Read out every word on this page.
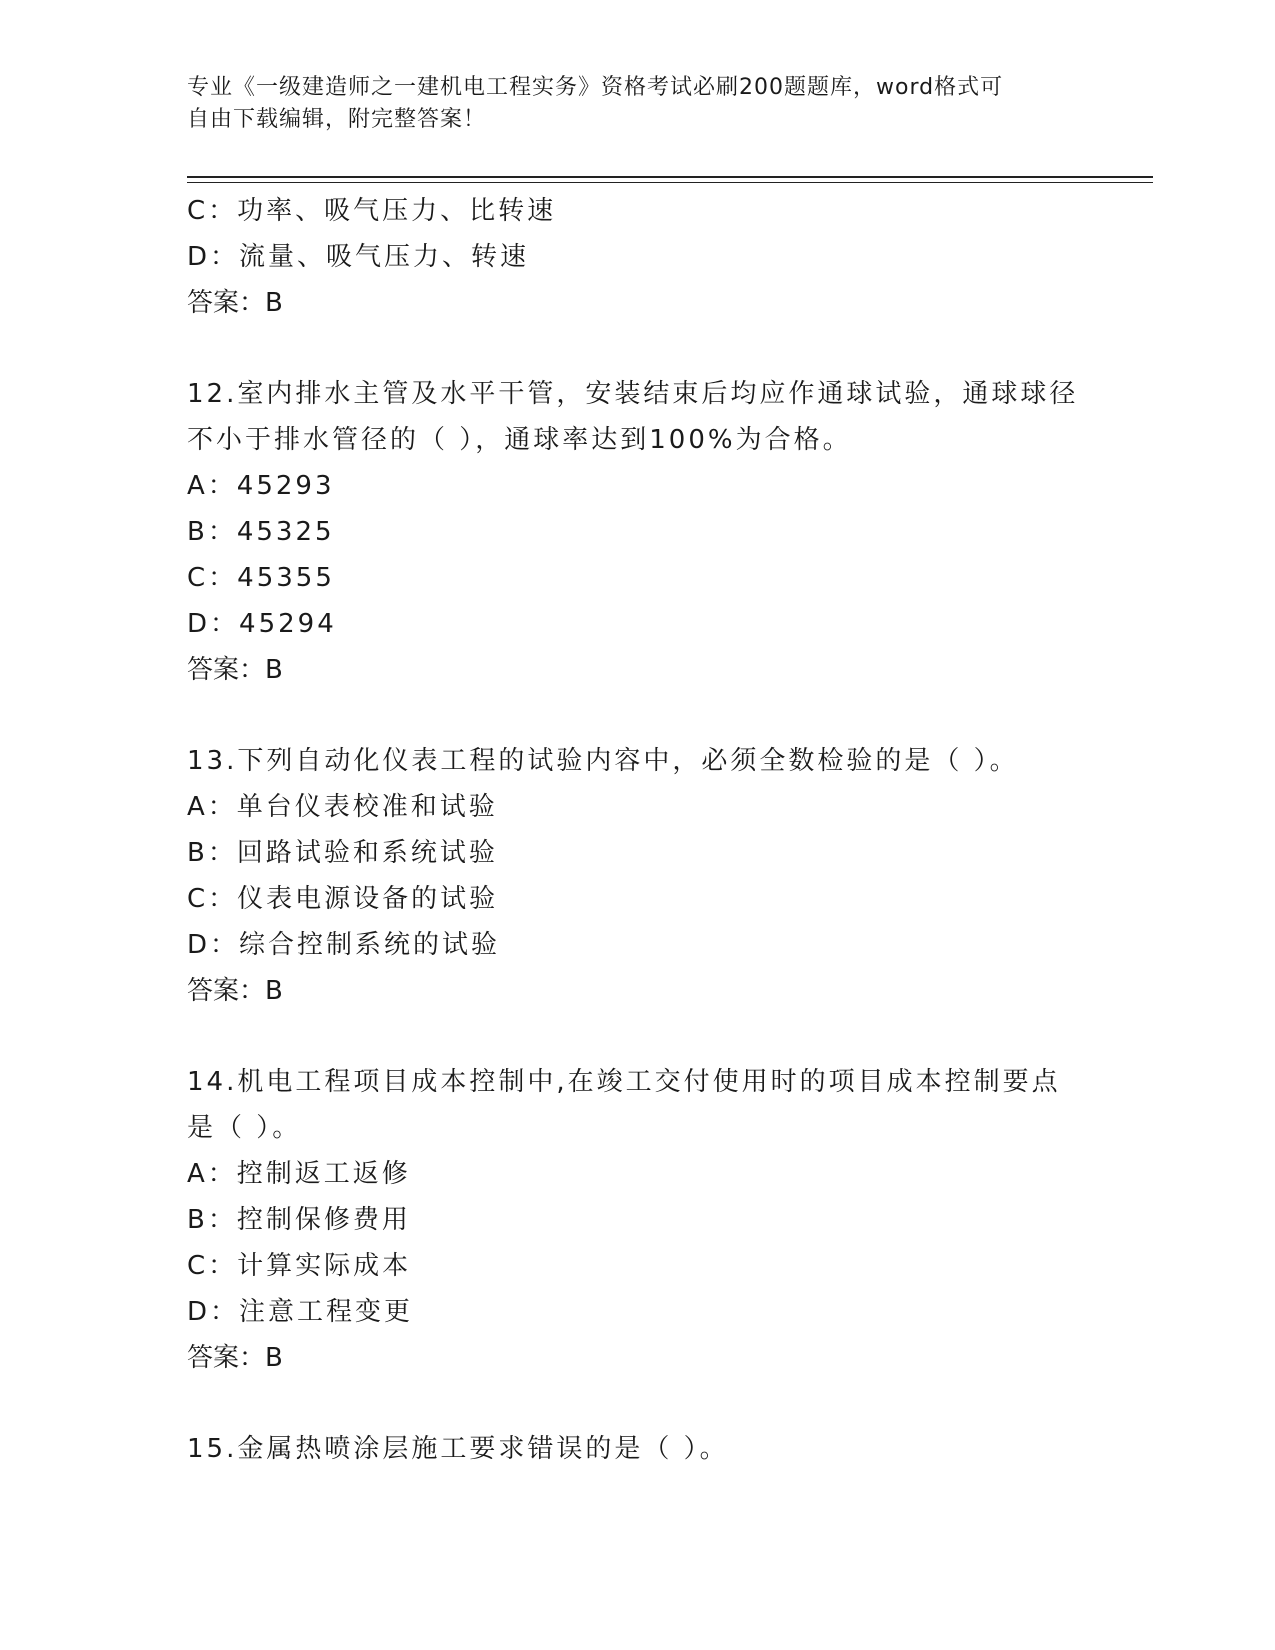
专业《一级建造师之一建机电工程实务》资格考试必刷200题题库，word格式可
自由下载编辑，附完整答案！
C：功率、吸气压力、比转速
D：流量、吸气压力、转速
答案：B
12.室内排水主管及水平干管，安装结束后均应作通球试验，通球球径
不小于排水管径的（ ），通球率达到100%为合格。
A：45293
B：45325
C：45355
D：45294
答案：B
13.下列自动化仪表工程的试验内容中，必须全数检验的是（ ）。
A：单台仪表校准和试验
B：回路试验和系统试验
C：仪表电源设备的试验
D：综合控制系统的试验
答案：B
14.机电工程项目成本控制中,在竣工交付使用时的项目成本控制要点
是（ ）。
A：控制返工返修
B：控制保修费用
C：计算实际成本
D：注意工程变更
答案：B
15.金属热喷涂层施工要求错误的是（ ）。
